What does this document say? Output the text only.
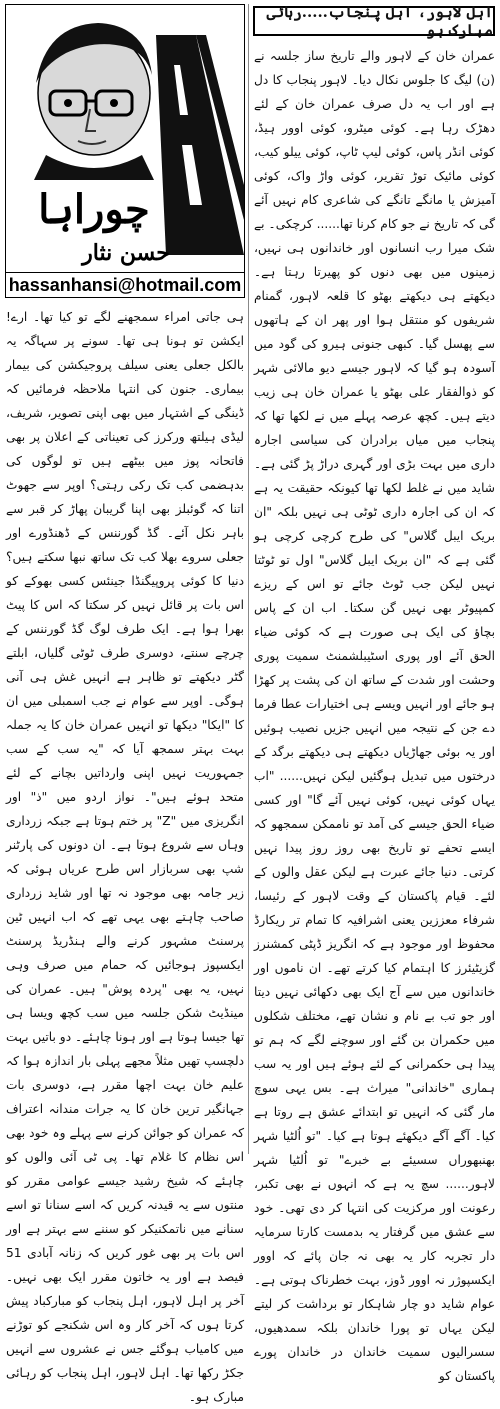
چوراہا
حسن نثار
hassanhansi@hotmail.com
اہل لاہور، اہل پنجاب.....رہائی مبارک ہو

عمران خان کے لاہور والے تاریخ ساز جلسہ نے (ن) لیگ کا جلوس نکال دیا۔ لاہور پنجاب کا دل ہے اور اب یہ دل صرف عمران خان کے لئے دھڑک رہا ہے۔ کوئی میٹرو، کوئی اوور ہیڈ، کوئی انڈر پاس، کوئی لیپ ٹاپ، کوئی ییلو کیب، کوئی مائیک توڑ تقریر، کوئی واڑ واک، کوئی آمیزش یا مانگے تانگے کی شاعری کام نہیں آئے گی کہ تاریخ نے جو کام کرنا تھا...... کرچکی۔ بے شک میرا رب انسانوں اور خاندانوں ہی نہیں، زمینوں میں بھی دنوں کو پھیرتا رہتا ہے۔ دیکھتے ہی دیکھتے بھٹو کا قلعہ لاہور، گمنام شریفوں کو منتقل ہوا اور پھر ان کے ہاتھوں سے پھسل گیا۔ کبھی جنونی ہیرو کی گود میں آسودہ ہو گیا کہ لاہور جیسے دیو مالائی شہر کو ذوالفقار علی بھٹو یا عمران خان ہی زیب دیتے ہیں۔ کچھ عرصہ پہلے میں نے لکھا تھا کہ پنجاب میں میاں برادران کی سیاسی اجارہ داری میں بہت بڑی اور گہری دراڑ پڑ گئی ہے۔ شاید میں نے غلط لکھا تھا کیونکہ حقیقت یہ ہے کہ ان کی اجارہ داری ٹوٹی ہی نہیں بلکہ "ان بریک ایبل گلاس" کی طرح کرچی کرچی ہو گئی ہے کہ "ان بریک ایبل گلاس" اول تو ٹوٹتا نہیں لیکن جب ٹوٹ جائے تو اس کے ریزے کمپیوٹر بھی نہیں گن سکتا۔ اب ان کے پاس بچاؤ کی ایک ہی صورت ہے کہ کوئی ضیاء الحق آئے اور پوری اسٹیبلشمنٹ سمیت پوری وحشت اور شدت کے ساتھ ان کی پشت پر کھڑا ہو جائے اور انہیں ویسے ہی اختیارات عطا فرما دے جن کے نتیجہ میں انہیں جزیں نصیب ہوئیں اور یہ بوئی جھاڑیاں دیکھتے ہی دیکھتے برگد کے درختوں میں تبدیل ہوگئیں لیکن نہیں...... "اب یہاں کوئی نہیں، کوئی نہیں آئے گا" اور کسی ضیاء الحق جیسے کی آمد تو ناممکن سمجھو کہ ایسے تحفے تو تاریخ بھی روز روز پیدا نہیں کرتی۔ دنیا جائے عبرت ہے لیکن عقل والوں کے لئے۔ قیام پاکستان کے وقت لاہور کے رئیسا، شرفاء معززین یعنی اشرافیہ کا تمام تر ریکارڈ محفوظ اور موجود ہے کہ انگریز ڈپٹی کمشنرز گزیٹیئرز کا اہتمام کیا کرتے تھے۔ ان ناموں اور خاندانوں میں سے آج ایک بھی دکھائی نہیں دیتا اور جو تب بے نام و نشان تھے، مختلف شکلوں میں حکمران بن گئے اور سوچنے لگے کہ ہم تو پیدا ہی حکمرانی کے لئے ہوئے ہیں اور یہ سب ہماری "خاندانی" میراث ہے۔ بس یہی سوچ مار گئی کہ انہیں تو ابتدائے عشق ہے روتا ہے کیا۔ آگے آگے دیکھئے ہوتا ہے کیا۔ "تو اُلٹیا شہر بھنبھوراں سسیئے بے خبرے" تو اُلٹیا شہر لاہور...... سچ یہ ہے کہ انہوں نے بھی تکبر، رعونت اور مرکزیت کی انتہا کر دی تھی۔ خود سے عشق میں گرفتار یہ بدمست کارتا سرمایہ دار تجربہ کار یہ بھی نہ جان پائے کہ اوور ایکسپوژر نہ اوور ڈوز، بہت خطرناک ہوتی ہے۔ عوام شاید دو چار شاہکار تو برداشت کر لیتے لیکن یہاں تو پورا خاندان بلکہ سمدھیوں، سسرالیوں سمیت خاندان در خاندان پورے پاکستان کو

ہی جاتی امراء سمجھنے لگے تو کیا تھا۔ ارے! ایکشن تو ہونا ہی تھا۔ سونے پر سہاگہ یہ بالکل جعلی یعنی سیلف پروجیکشن کی بیمار بیماری۔ جنون کی انتہا ملاحظہ فرمائیں کہ ڈینگی کے اشتہار میں بھی اپنی تصویر، شریف، لیڈی ہیلتھ ورکرز کی تعیناتی کے اعلان پر بھی فاتحانہ پوز میں بیٹھے ہیں تو لوگوں کی بدہضمی کب تک رکی رہتی؟ اوپر سے جھوٹ اتنا کہ گوئبلز بھی اپنا گریبان پھاڑ کر قبر سے باہر نکل آئے۔ گڈ گورننس کے ڈھنڈورے اور جعلی سروے بھلا کب تک ساتھ نبھا سکتے ہیں؟ دنیا کا کوئی پروپیگنڈا جینئس کسی بھوکے کو اس بات پر قائل نہیں کر سکتا کہ اس کا پیٹ بھرا ہوا ہے۔ ایک طرف لوگ گڈ گورننس کے چرچے سنتے، دوسری طرف ٹوٹی گلیاں، ابلتے گٹر دیکھتے تو ظاہر ہے انہیں غش ہی آنی ہوگی۔ اوپر سے عوام نے جب اسمبلی میں ان کا "ایکا" دیکھا تو انہیں عمران خان کا یہ جملہ بہت بہتر سمجھ آیا کہ "یہ سب کے سب جمہوریت نہیں اپنی وارداتیں بچانے کے لئے متحد ہوئے ہیں"۔ نواز اردو میں "ذ" اور انگریزی میں "Z" پر ختم ہوتا ہے جبکہ زرداری وہاں سے شروع ہوتا ہے۔ ان دونوں کی پارٹنر شپ بھی سربازار اس طرح عریاں ہوئی کہ زیر جامہ بھی موجود نہ تھا اور شاید زرداری صاحب چاہتے بھی یہی تھے کہ اب انہیں ٹین پرسنٹ مشہور کرنے والے ہنڈریڈ پرسنٹ ایکسپوز ہوجائیں کہ حمام میں صرف وہی نہیں، یہ بھی "پردہ پوش" ہیں۔ عمران کی مینڈیٹ شکن جلسہ میں سب کچھ ویسا ہی تھا جیسا ہوتا ہے اور ہونا چاہئے۔ دو باتیں بہت دلچسپ تھیں مثلاً مجھے پہلی بار اندازہ ہوا کہ علیم خان بہت اچھا مقرر ہے، دوسری بات جہانگیر ترین خان کا یہ جرات مندانہ اعتراف کہ عمران کو جوائن کرنے سے پہلے وہ خود بھی اس نظام کا غلام تھا۔ پی ٹی آئی والوں کو چاہئے کہ شیخ رشید جیسے عوامی مقرر کو منتوں سے یہ قیدنہ کریں کہ اسے سنانا تو اسے سنانے میں ناتمکنیکر کو سننے سے بہتر ہے اور اس بات پر بھی غور کریں کہ زنانہ آبادی 51 فیصد ہے اور یہ خاتون مقرر ایک بھی نہیں۔ آخر پر اہل لاہور، اہل پنجاب کو مبارکباد پیش کرتا ہوں کہ آخر کار وہ اس شکنجے کو توڑنے میں کامیاب ہوگئے جس نے عشروں سے انہیں جکڑ رکھا تھا۔ اہل لاہور، اہل پنجاب کو رہائی مبارک ہو۔
